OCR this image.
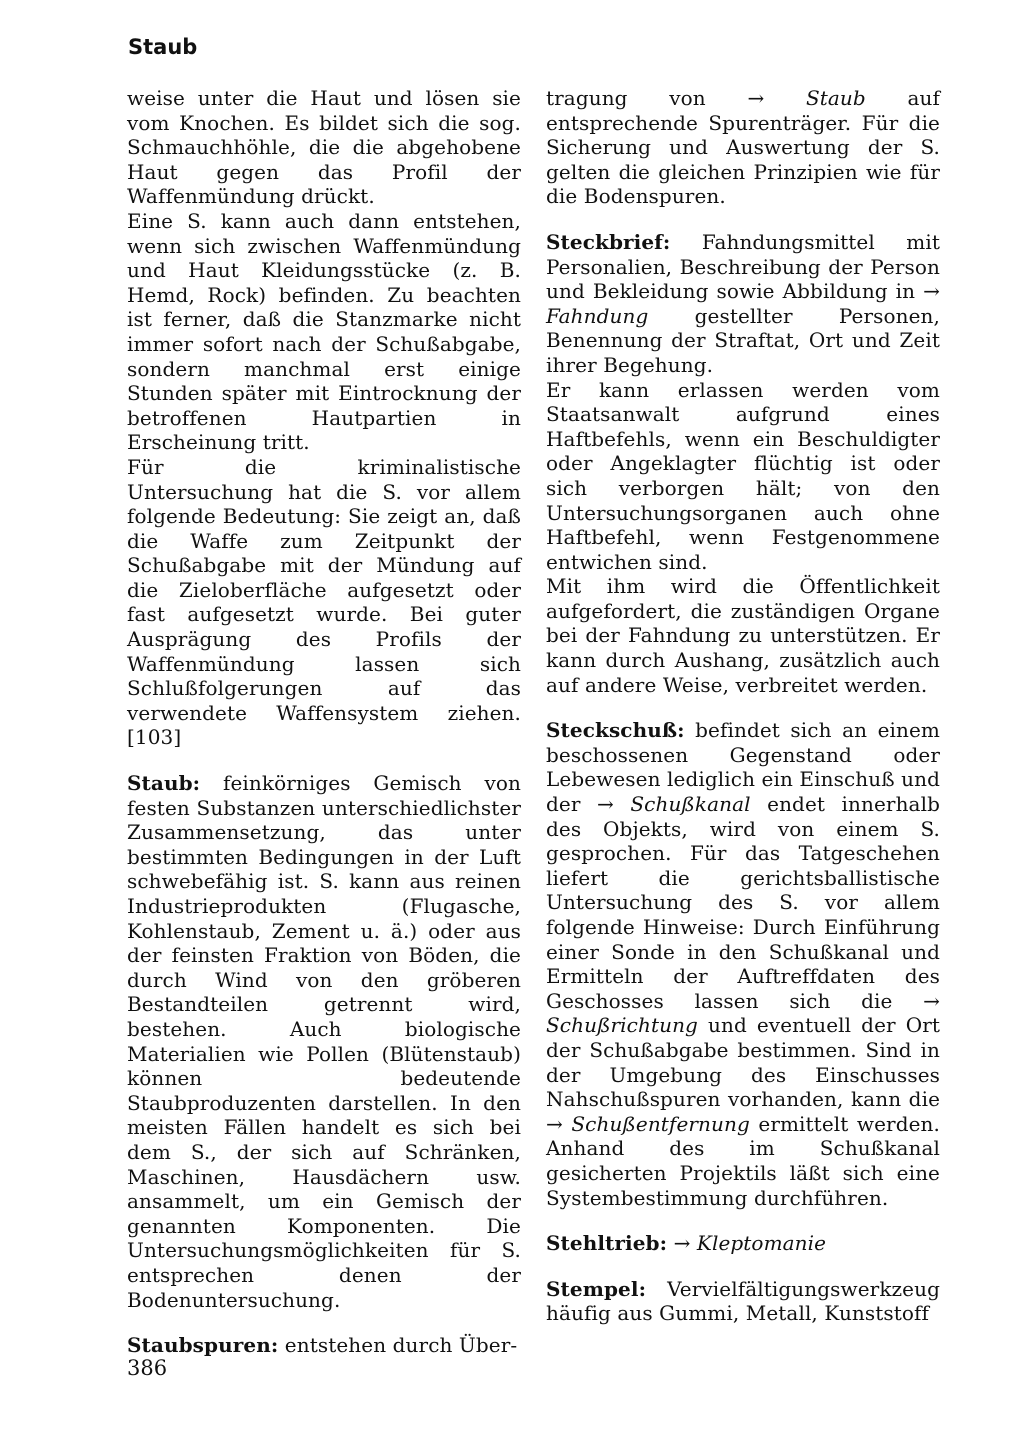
Staub

weise unter die Haut und lösen sie vom Knochen. Es bildet sich die sog. Schmauchhöhle, die die abgehobene Haut gegen das Profil der Waffenmündung drückt.

Eine S. kann auch dann entstehen, wenn sich zwischen Waffenmündung und Haut Kleidungsstücke (z. B. Hemd, Rock) befinden. Zu beachten ist ferner, daß die Stanzmarke nicht immer sofort nach der Schußabgabe, sondern manchmal erst einige Stunden später mit Eintrocknung der betroffenen Hautpartien in Erscheinung tritt.

Für die kriminalistische Untersuchung hat die S. vor allem folgende Bedeutung: Sie zeigt an, daß die Waffe zum Zeitpunkt der Schußabgabe mit der Mündung auf die Zieloberfläche aufgesetzt oder fast aufgesetzt wurde. Bei guter Ausprägung des Profils der Waffenmündung lassen sich Schlußfolgerungen auf das verwendete Waffensystem ziehen. [103]

Staub: feinkörniges Gemisch von festen Substanzen unterschiedlichster Zusammensetzung, das unter bestimmten Bedingungen in der Luft schwebefähig ist. S. kann aus reinen Industrieprodukten (Flugasche, Kohlenstaub, Zement u. ä.) oder aus der feinsten Fraktion von Böden, die durch Wind von den gröberen Bestandteilen getrennt wird, bestehen. Auch biologische Materialien wie Pollen (Blütenstaub) können bedeutende Staubproduzenten darstellen. In den meisten Fällen handelt es sich bei dem S., der sich auf Schränken, Maschinen, Hausdächern usw. ansammelt, um ein Gemisch der genannten Komponenten. Die Untersuchungsmöglichkeiten für S. entsprechen denen der Bodenuntersuchung.

Staubspuren: entstehen durch Über-

tragung von → Staub auf entsprechende Spurenträger. Für die Sicherung und Auswertung der S. gelten die gleichen Prinzipien wie für die Bodenspuren.

Steckbrief: Fahndungsmittel mit Personalien, Beschreibung der Person und Bekleidung sowie Abbildung in → Fahndung gestellter Personen, Benennung der Straftat, Ort und Zeit ihrer Begehung.

Er kann erlassen werden vom Staatsanwalt aufgrund eines Haftbefehls, wenn ein Beschuldigter oder Angeklagter flüchtig ist oder sich verborgen hält; von den Untersuchungsorganen auch ohne Haftbefehl, wenn Festgenommene entwichen sind.

Mit ihm wird die Öffentlichkeit aufgefordert, die zuständigen Organe bei der Fahndung zu unterstützen. Er kann durch Aushang, zusätzlich auch auf andere Weise, verbreitet werden.

Steckschuß: befindet sich an einem beschossenen Gegenstand oder Lebewesen lediglich ein Einschuß und der → Schußkanal endet innerhalb des Objekts, wird von einem S. gesprochen. Für das Tatgeschehen liefert die gerichtsballistische Untersuchung des S. vor allem folgende Hinweise: Durch Einführung einer Sonde in den Schußkanal und Ermitteln der Auftreffdaten des Geschosses lassen sich die → Schußrichtung und eventuell der Ort der Schußabgabe bestimmen. Sind in der Umgebung des Einschusses Nahschußspuren vorhanden, kann die → Schußentfernung ermittelt werden. Anhand des im Schußkanal gesicherten Projektils läßt sich eine Systembestimmung durchführen.

Stehltrieb: → Kleptomanie

Stempel: Vervielfältigungswerkzeug häufig aus Gummi, Metall, Kunststoff

386
